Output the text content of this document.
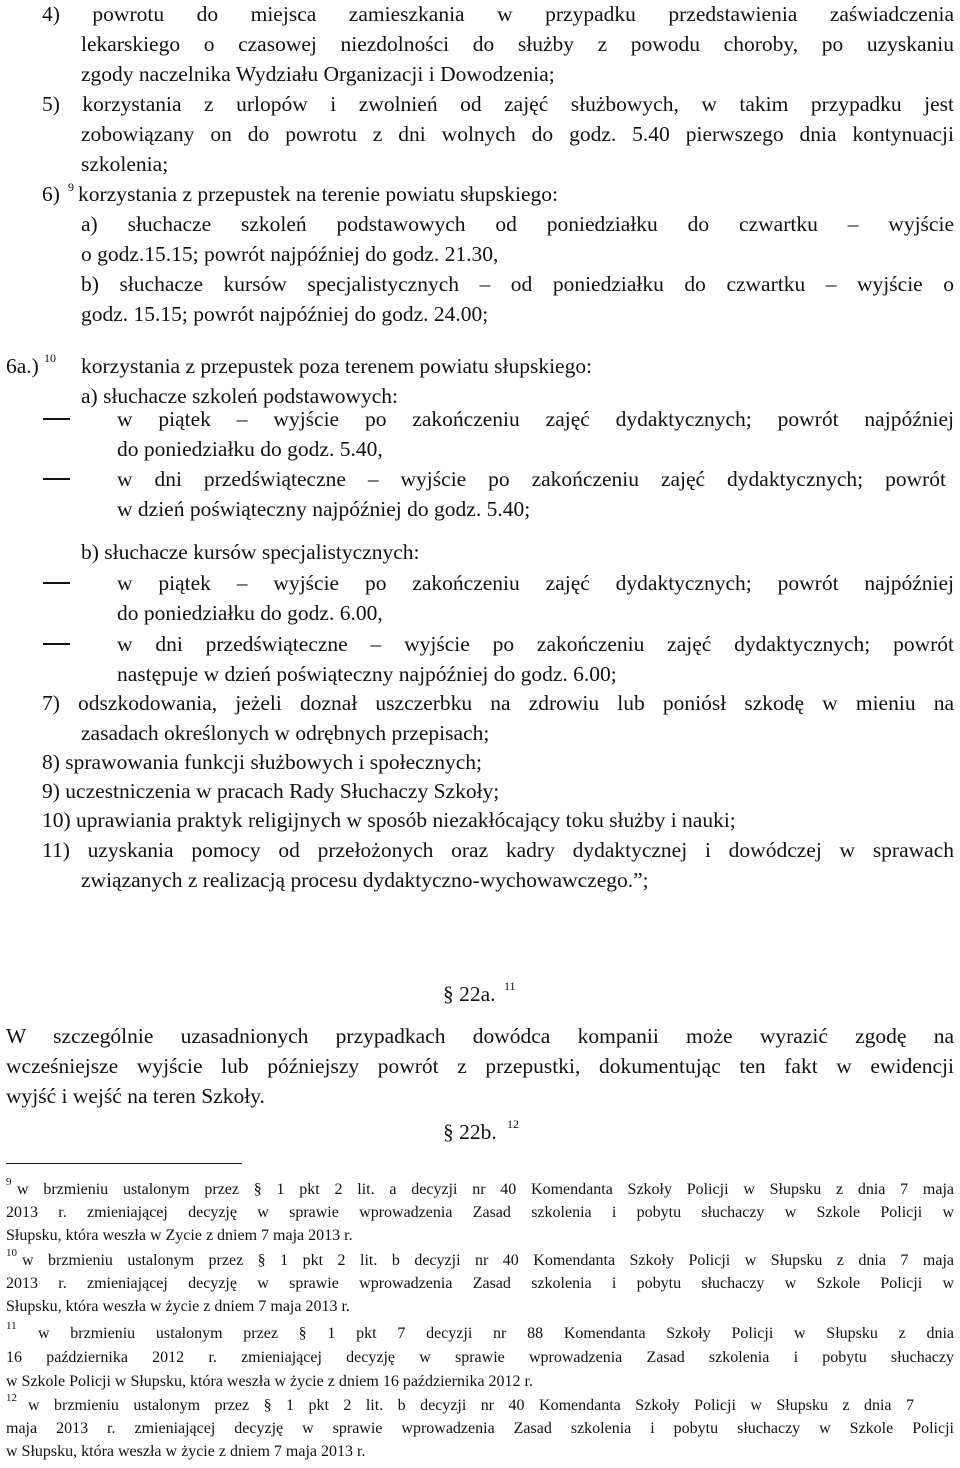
4) powrotu do miejsca zamieszkania w przypadku przedstawienia zaświadczenia
lekarskiego o czasowej niezdolności do służby z powodu choroby, po uzyskaniu
zgody naczelnika Wydziału Organizacji i Dowodzenia;
5) korzystania z urlopów i zwolnień od zajęć służbowych, w takim przypadku jest
zobowiązany on do powrotu z dni wolnych do godz. 5.40 pierwszego dnia kontynuacji
szkolenia;
6) 9 korzystania z przepustek na terenie powiatu słupskiego:
a) słuchacze szkoleń podstawowych od poniedziałku do czwartku – wyjście
o godz.15.15; powrót najpóźniej do godz. 21.30,
b) słuchacze kursów specjalistycznych – od poniedziałku do czwartku – wyjście o
godz. 15.15; powrót najpóźniej do godz. 24.00;
6a.) 10 korzystania z przepustek poza terenem powiatu słupskiego:
a) słuchacze szkoleń podstawowych:
w piątek – wyjście po zakończeniu zajęć dydaktycznych; powrót najpóźniej
do poniedziałku do godz. 5.40,
w dni przedświąteczne – wyjście po zakończeniu zajęć dydaktycznych; powrót
w dzień poświąteczny najpóźniej do godz. 5.40;
b) słuchacze kursów specjalistycznych:
w piątek – wyjście po zakończeniu zajęć dydaktycznych; powrót najpóźniej
do poniedziałku do godz. 6.00,
w dni przedświąteczne – wyjście po zakończeniu zajęć dydaktycznych; powrót
następuje w dzień poświąteczny najpóźniej do godz. 6.00;
7) odszkodowania, jeżeli doznał uszczerbku na zdrowiu lub poniósł szkodę w mieniu na
zasadach określonych w odrębnych przepisach;
8) sprawowania funkcji służbowych i społecznych;
9) uczestniczenia w pracach Rady Słuchaczy Szkoły;
10) uprawiania praktyk religijnych w sposób niezakłócający toku służby i nauki;
11) uzyskania pomocy od przełożonych oraz kadry dydaktycznej i dowódczej w sprawach
związanych z realizacją procesu dydaktyczno-wychowawczego.”;
§ 22a. 11
W szczególnie uzasadnionych przypadkach dowódca kompanii może wyrazić zgodę na
wcześniejsze wyjście lub późniejszy powrót z przepustki, dokumentując ten fakt w ewidencji
wyjść i wejść na teren Szkoły.
§ 22b. 12
9 w brzmieniu ustalonym przez § 1 pkt 2 lit. a decyzji nr 40 Komendanta Szkoły Policji w Słupsku z dnia 7 maja
2013 r. zmieniającej decyzję w sprawie wprowadzenia Zasad szkolenia i pobytu słuchaczy w Szkole Policji w
Słupsku, która weszła w Zycie z dniem 7 maja 2013 r.
10 w brzmieniu ustalonym przez § 1 pkt 2 lit. b decyzji nr 40 Komendanta Szkoły Policji w Słupsku z dnia 7 maja
2013 r. zmieniającej decyzję w sprawie wprowadzenia Zasad szkolenia i pobytu słuchaczy w Szkole Policji w
Słupsku, która weszła w życie z dniem 7 maja 2013 r.
11 w brzmieniu ustalonym przez § 1 pkt 7 decyzji nr 88 Komendanta Szkoły Policji w Słupsku z dnia
16 października 2012 r. zmieniającej decyzję w sprawie wprowadzenia Zasad szkolenia i pobytu słuchaczy
w Szkole Policji w Słupsku, która weszła w życie z dniem 16 października 2012 r.
12 w brzmieniu ustalonym przez § 1 pkt 2 lit. b decyzji nr 40 Komendanta Szkoły Policji w Słupsku z dnia 7
maja 2013 r. zmieniającej decyzję w sprawie wprowadzenia Zasad szkolenia i pobytu słuchaczy w Szkole Policji
w Słupsku, która weszła w życie z dniem 7 maja 2013 r.
